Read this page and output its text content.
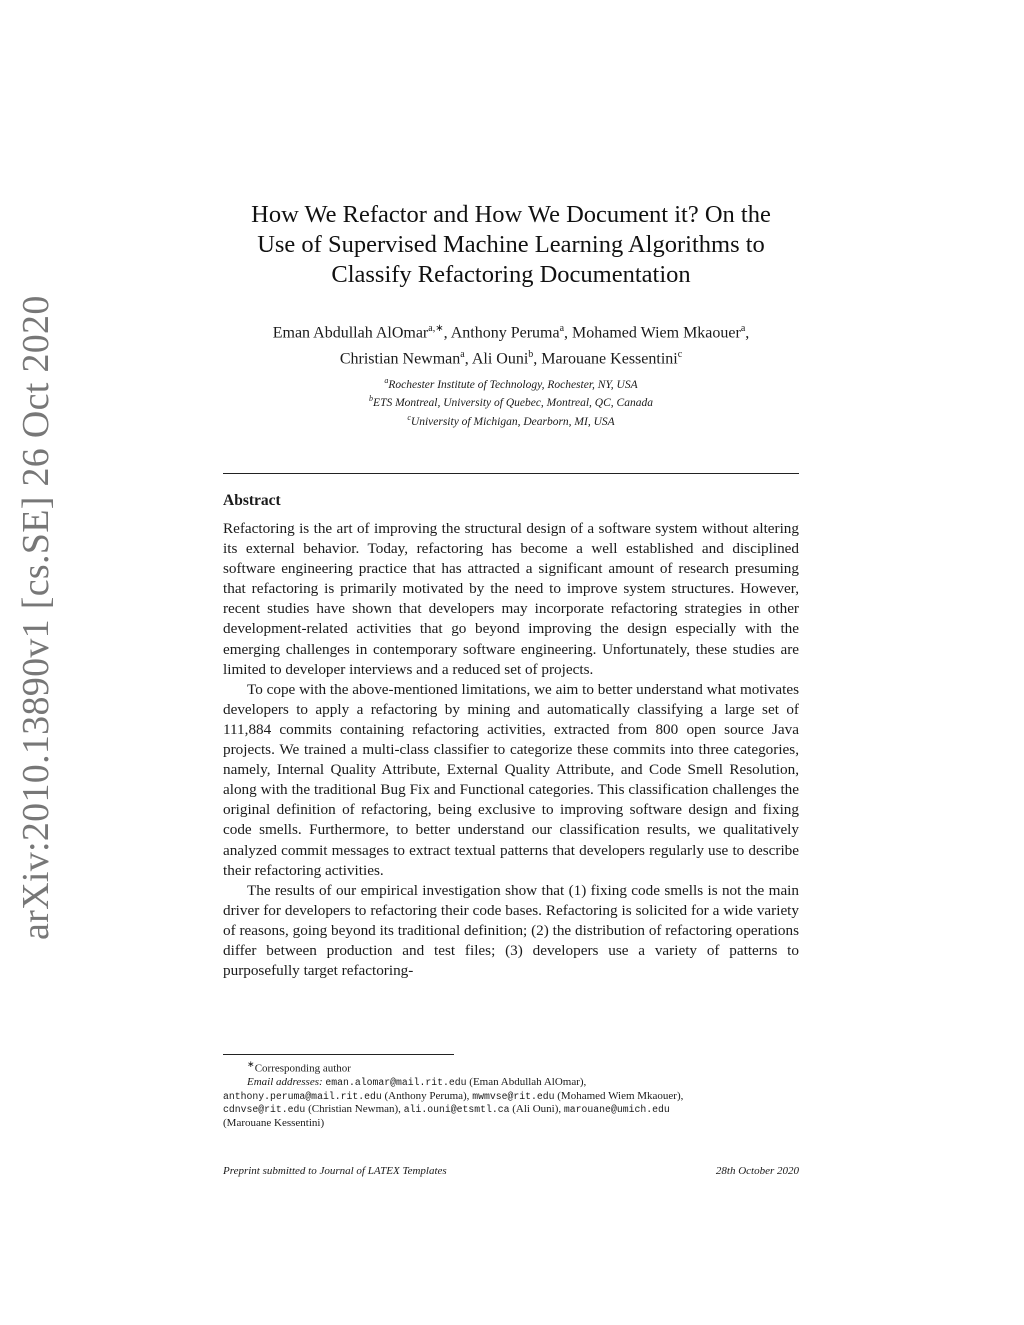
arXiv:2010.13890v1 [cs.SE] 26 Oct 2020
How We Refactor and How We Document it? On the
Use of Supervised Machine Learning Algorithms to
Classify Refactoring Documentation
Eman Abdullah AlOmar$^{a,∗}$, Anthony Peruma$^a$, Mohamed Wiem Mkaouer$^a$,
Christian Newman$^a$, Ali Ouni$^b$, Marouane Kessentini$^c$
$^a$Rochester Institute of Technology, Rochester, NY, USA
$^b$ETS Montreal, University of Quebec, Montreal, QC, Canada
$^c$University of Michigan, Dearborn, MI, USA
Abstract

Refactoring is the art of improving the structural design of a software system without altering its external behavior. Today, refactoring has become a well established and disciplined software engineering practice that has attracted a significant amount of research presuming that refactoring is primarily motivated by the need to improve system structures. However, recent studies have shown that developers may incorporate refactoring strategies in other development-related activities that go beyond improving the design especially with the emerging challenges in contemporary software engineering. Unfortunately, these studies are limited to developer interviews and a reduced set of projects.

To cope with the above-mentioned limitations, we aim to better understand what motivates developers to apply a refactoring by mining and automatically classifying a large set of 111,884 commits containing refactoring activities, extracted from 800 open source Java projects. We trained a multi-class classifier to categorize these commits into three categories, namely, Internal Quality Attribute, External Quality Attribute, and Code Smell Resolution, along with the traditional Bug Fix and Functional categories. This classification challenges the original definition of refactoring, being exclusive to improving software design and fixing code smells. Furthermore, to better understand our classification results, we qualitatively analyzed commit messages to extract textual patterns that developers regularly use to describe their refactoring activities.

The results of our empirical investigation show that (1) fixing code smells is not the main driver for developers to refactoring their code bases. Refactoring is solicited for a wide variety of reasons, going beyond its traditional definition; (2) the distribution of refactoring operations differ between production and test files; (3) developers use a variety of patterns to purposefully target refactoring-

∗Corresponding author
Email addresses: eman.alomar@mail.rit.edu (Eman Abdullah AlOmar),
anthony.peruma@mail.rit.edu (Anthony Peruma), mwmvse@rit.edu (Mohamed Wiem Mkaouer),
cdnvse@rit.edu (Christian Newman), ali.ouni@etsmtl.ca (Ali Ouni), marouane@umich.edu
(Marouane Kessentini)
Preprint submitted to Journal of LATEX Templates	28th October 2020
